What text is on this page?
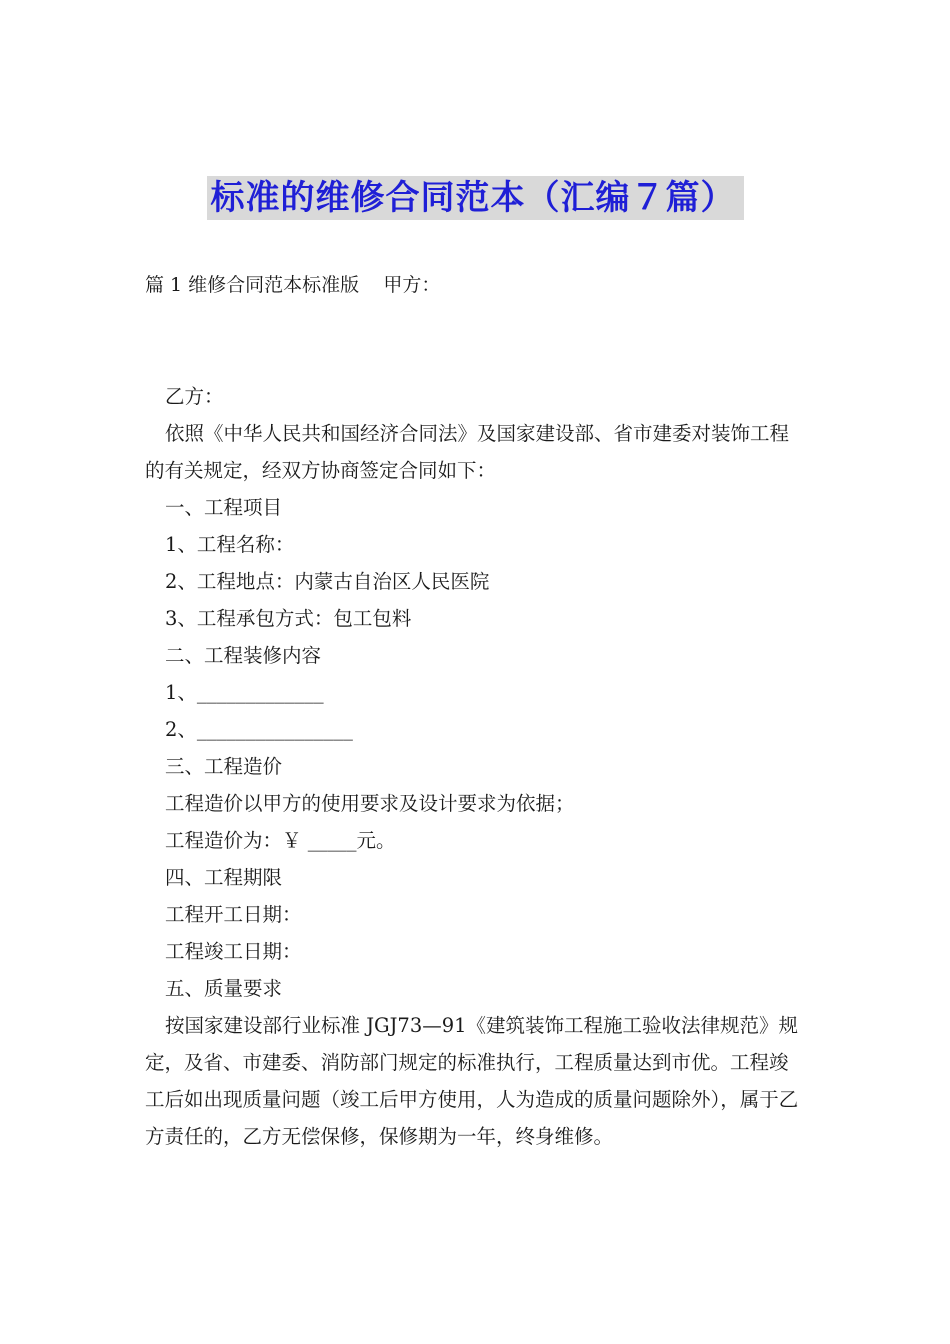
标准的维修合同范本（汇编７篇）
篇 1 维修合同范本标准版    甲方：

乙方：

依照《中华人民共和国经济合同法》及国家建设部、省市建委对装饰工程的有关规定，经双方协商签定合同如下：

一、工程项目

1、工程名称：

2、工程地点：内蒙古自治区人民医院

3、工程承包方式：包工包料

二、工程装修内容

1、_____________

2、________________

三、工程造价

工程造价以甲方的使用要求及设计要求为依据；

工程造价为：￥ _____元。

四、工程期限

工程开工日期：

工程竣工日期：

五、质量要求

按国家建设部行业标准 JGJ73—91《建筑装饰工程施工验收法律规范》规定，及省、市建委、消防部门规定的标准执行，工程质量达到市优。工程竣工后如出现质量问题（竣工后甲方使用，人为造成的质量问题除外），属于乙方责任的，乙方无偿保修，保修期为一年，终身维修。
